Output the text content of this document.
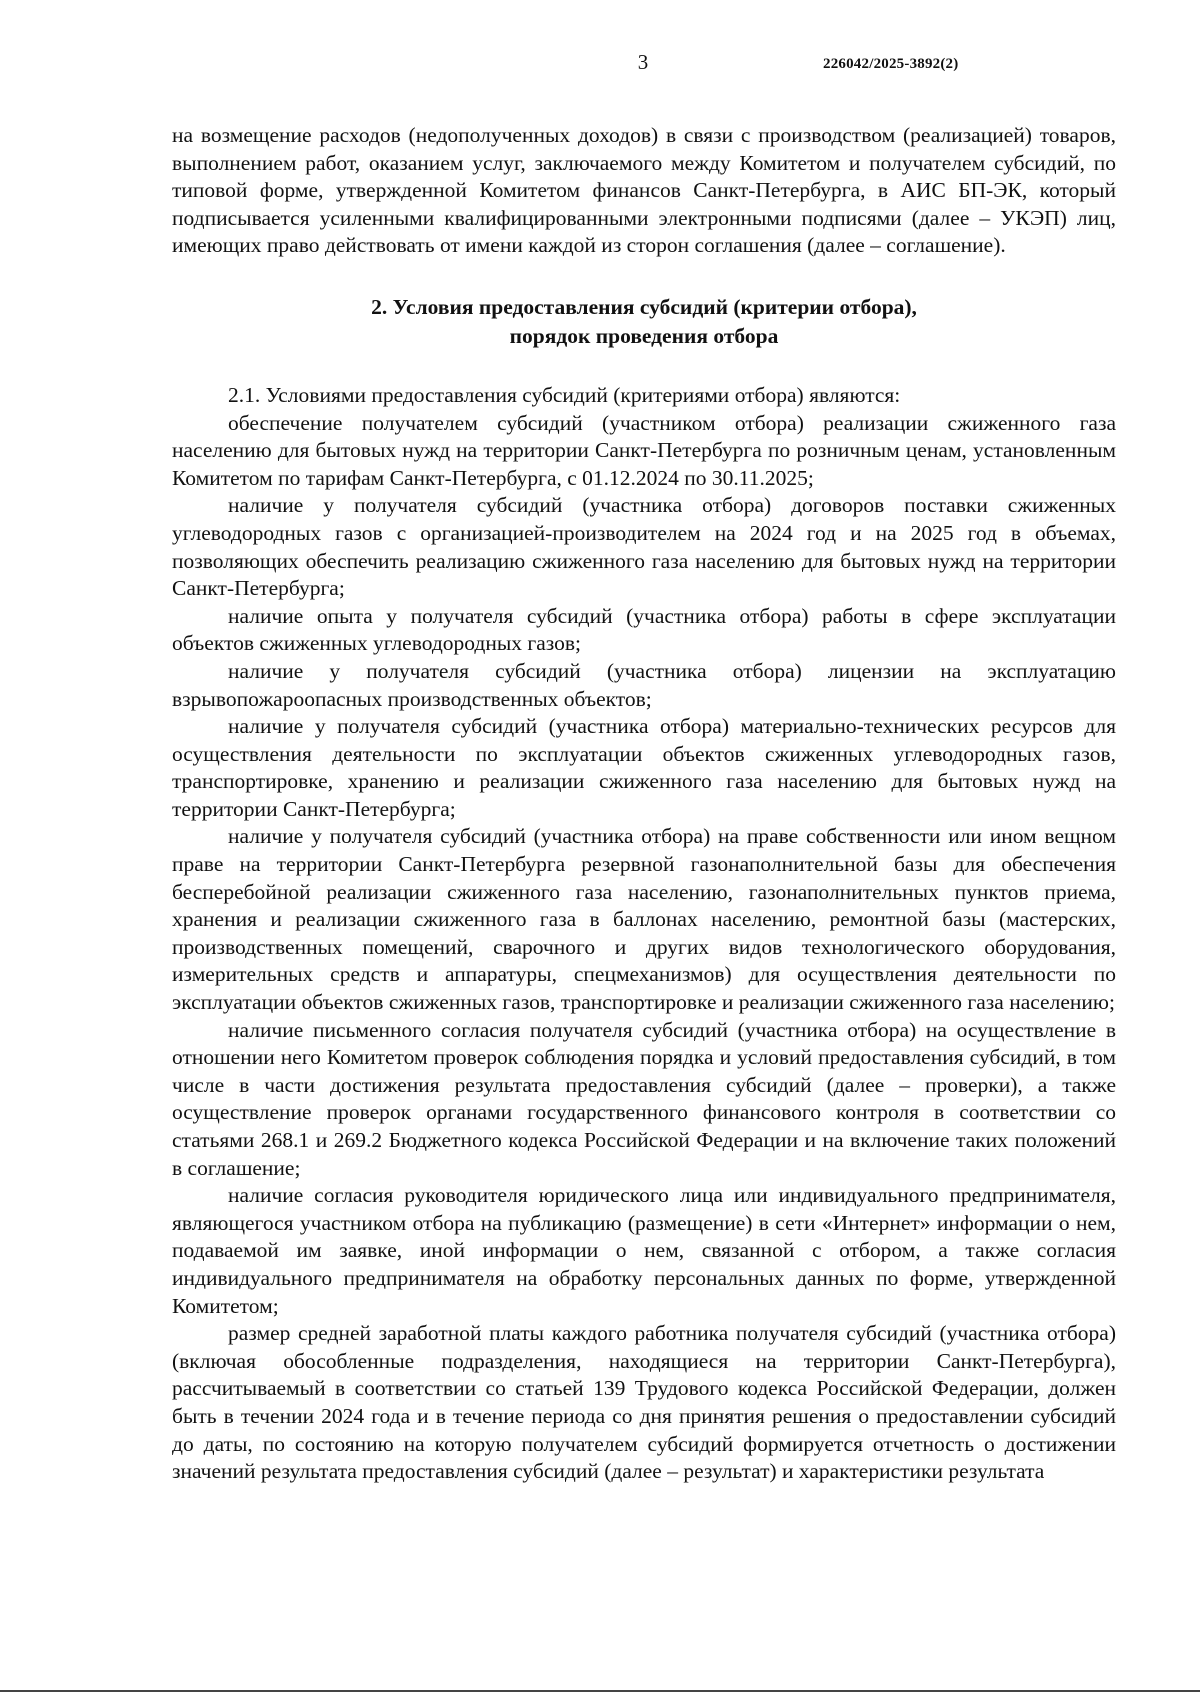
3	226042/2025-3892(2)

на возмещение расходов (недополученных доходов) в связи с производством (реализацией) товаров, выполнением работ, оказанием услуг, заключаемого между Комитетом и получателем субсидий, по типовой форме, утвержденной Комитетом финансов Санкт-Петербурга, в АИС БП-ЭК, который подписывается усиленными квалифицированными электронными подписями (далее – УКЭП) лиц, имеющих право действовать от имени каждой из сторон соглашения (далее – соглашение).

2. Условия предоставления субсидий (критерии отбора),
порядок проведения отбора

2.1. Условиями предоставления субсидий (критериями отбора) являются:

обеспечение получателем субсидий (участником отбора) реализации сжиженного газа населению для бытовых нужд на территории Санкт-Петербурга по розничным ценам, установленным Комитетом по тарифам Санкт-Петербурга, с 01.12.2024 по 30.11.2025;

наличие у получателя субсидий (участника отбора) договоров поставки сжиженных углеводородных газов с организацией-производителем на 2024 год и на 2025 год в объемах, позволяющих обеспечить реализацию сжиженного газа населению для бытовых нужд на территории Санкт-Петербурга;

наличие опыта у получателя субсидий (участника отбора) работы в сфере эксплуатации объектов сжиженных углеводородных газов;

наличие у получателя субсидий (участника отбора) лицензии на эксплуатацию взрывопожароопасных производственных объектов;

наличие у получателя субсидий (участника отбора) материально-технических ресурсов для осуществления деятельности по эксплуатации объектов сжиженных углеводородных газов, транспортировке, хранению и реализации сжиженного газа населению для бытовых нужд на территории Санкт-Петербурга;

наличие у получателя субсидий (участника отбора) на праве собственности или ином вещном праве на территории Санкт-Петербурга резервной газонаполнительной базы для обеспечения бесперебойной реализации сжиженного газа населению, газонаполнительных пунктов приема, хранения и реализации сжиженного газа в баллонах населению, ремонтной базы (мастерских, производственных помещений, сварочного и других видов технологического оборудования, измерительных средств и аппаратуры, спецмеханизмов) для осуществления деятельности по эксплуатации объектов сжиженных газов, транспортировке и реализации сжиженного газа населению;

наличие письменного согласия получателя субсидий (участника отбора) на осуществление в отношении него Комитетом проверок соблюдения порядка и условий предоставления субсидий, в том числе в части достижения результата предоставления субсидий (далее – проверки), а также осуществление проверок органами государственного финансового контроля в соответствии со статьями 268.1 и 269.2 Бюджетного кодекса Российской Федерации и на включение таких положений в соглашение;

наличие согласия руководителя юридического лица или индивидуального предпринимателя, являющегося участником отбора на публикацию (размещение) в сети «Интернет» информации о нем, подаваемой им заявке, иной информации о нем, связанной с отбором, а также согласия индивидуального предпринимателя на обработку персональных данных по форме, утвержденной Комитетом;

размер средней заработной платы каждого работника получателя субсидий (участника отбора) (включая обособленные подразделения, находящиеся на территории Санкт-Петербурга), рассчитываемый в соответствии со статьей 139 Трудового кодекса Российской Федерации, должен быть в течении 2024 года и в течение периода со дня принятия решения о предоставлении субсидий до даты, по состоянию на которую получателем субсидий формируется отчетность о достижении значений результата предоставления субсидий (далее – результат) и характеристики результата
